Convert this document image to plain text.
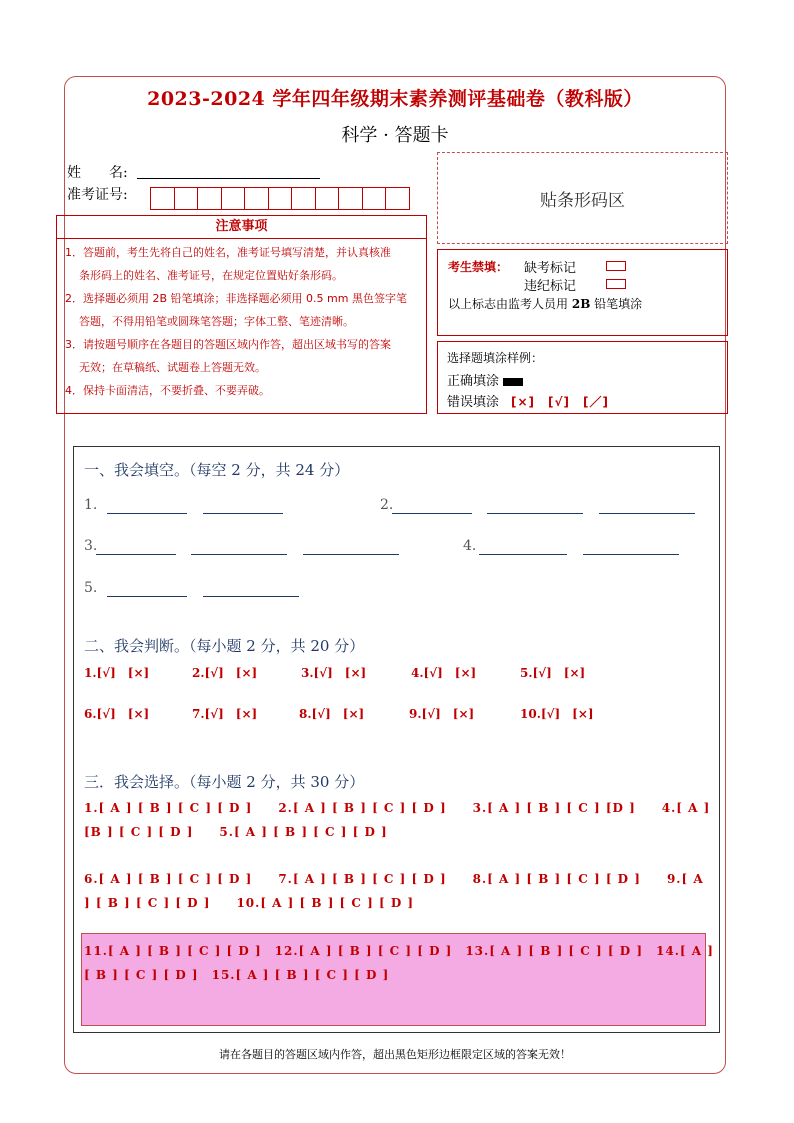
2023-2024 学年四年级期末素养测评基础卷（教科版）
科学 · 答题卡
姓　　名:
准考证号:	贴条形码区
注意事项
1．答题前，考生先将自己的姓名，准考证号填写清楚，并认真核准
条形码上的姓名、准考证号，在规定位置贴好条形码。
2．选择题必须用 2B 铅笔填涂；非选择题必须用 0.5 mm 黑色签字笔
答题，不得用铅笔或圆珠笔答题；字体工整、笔迹清晰。
3．请按题号顺序在各题目的答题区域内作答，超出区域书写的答案
无效；在草稿纸、试题卷上答题无效。
4．保持卡面清洁，不要折叠、不要弄破。
考生禁填： 缺考标记
违纪标记
以上标志由监考人员用 2B 铅笔填涂
选择题填涂样例：
正确填涂
错误填涂 [×]　[√]　[／]
一、我会填空。（每空 2 分，共 24 分）
1.	2.
3.	4.
5.
二、我会判断。（每小题 2 分，共 20 分）
1.[√]　 [×]	2.[√]　 [×]	3.[√]　 [×]	4.[√]　 [×]	5.[√]　 [×]
6.[√]　 [×]	7.[√]　 [×]	8.[√]　 [×]	9.[√]　 [×]	10.[√]　 [×]
三．我会选择。（每小题 2 分，共 30 分）
1.[ A ] [ B ] [ C ] [ D ]　　2.[ A ] [ B ] [ C ] [ D ]　　3.[ A ] [ B ] [ C ] [D ]　　4.[ A ] [B ] [ C ] [ D ]　　5.[ A ] [ B ] [ C ] [ D ]
6.[ A ] [ B ] [ C ] [ D ]　　7.[ A ] [ B ] [ C ] [ D ]　　8.[ A ] [ B ] [ C ] [ D ]　　9.[ A ] [ B ] [ C ] [ D ]　　10.[ A ] [ B ] [ C ] [ D ]
11.[ A ] [ B ] [ C ] [ D ]　12.[ A ] [ B ] [ C ] [ D ]　13.[ A ] [ B ] [ C ] [ D ]　14.[ A ] [ B ] [ C ] [ D ]　15.[ A ] [ B ] [ C ] [ D ]
请在各题目的答题区域内作答，超出黑色矩形边框限定区域的答案无效！
